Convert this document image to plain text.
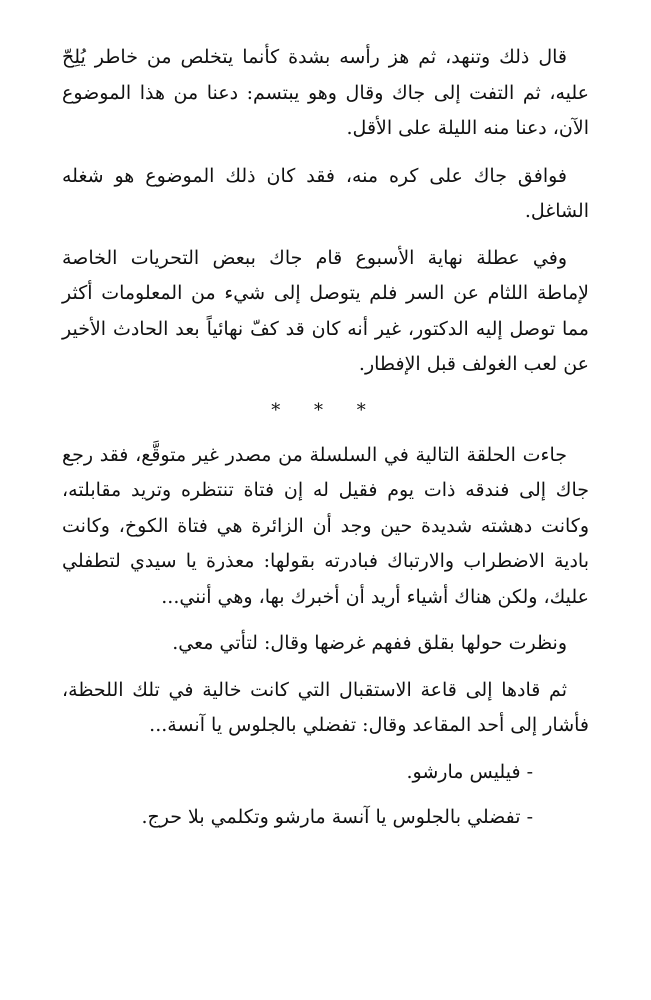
قال ذلك وتنهد، ثم هز رأسه بشدة كأنما يتخلص من خاطر يُلِحّ عليه، ثم التفت إلى جاك وقال وهو يبتسم: دعنا من هذا الموضوع الآن، دعنا منه الليلة على الأقل.

فوافق جاك على كره منه، فقد كان ذلك الموضوع هو شغله الشاغل.

وفي عطلة نهاية الأسبوع قام جاك ببعض التحريات الخاصة لإماطة اللثام عن السر فلم يتوصل إلى شيء من المعلومات أكثر مما توصل إليه الدكتور، غير أنه كان قد كفّ نهائياً بعد الحادث الأخير عن لعب الغولف قبل الإفطار.

* * *

جاءت الحلقة التالية في السلسلة من مصدر غير متوقَّع، فقد رجع جاك إلى فندقه ذات يوم فقيل له إن فتاة تنتظره وتريد مقابلته، وكانت دهشته شديدة حين وجد أن الزائرة هي فتاة الكوخ، وكانت بادية الاضطراب والارتباك فبادرته بقولها: معذرة يا سيدي لتطفلي عليك، ولكن هناك أشياء أريد أن أخبرك بها، وهي أنني...

ونظرت حولها بقلق ففهم غرضها وقال: لتأتي معي.

ثم قادها إلى قاعة الاستقبال التي كانت خالية في تلك اللحظة، فأشار إلى أحد المقاعد وقال: تفضلي بالجلوس يا آنسة...

- فيليس مارشو.

- تفضلي بالجلوس يا آنسة مارشو وتكلمي بلا حرج.
